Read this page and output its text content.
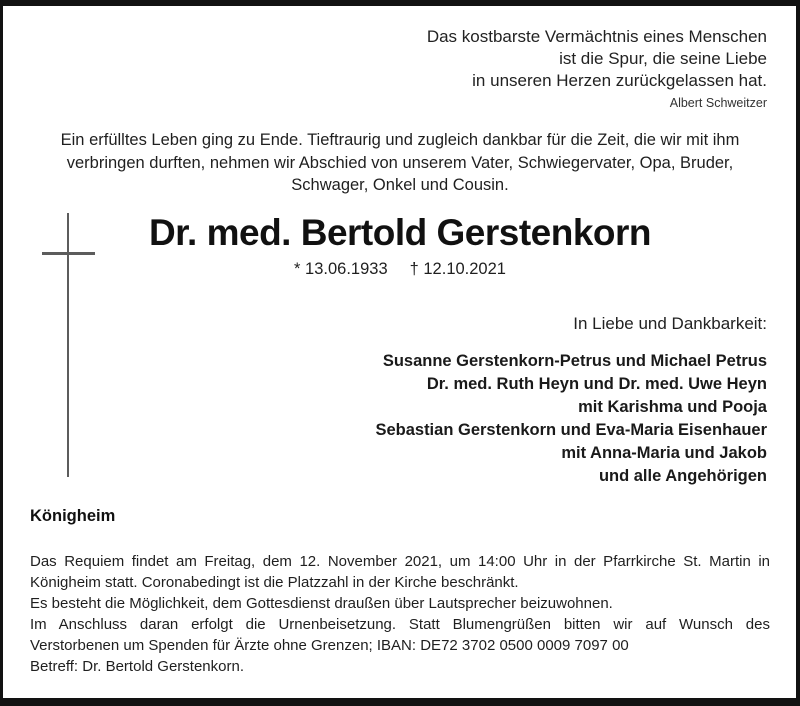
Das kostbarste Vermächtnis eines Menschen
ist die Spur, die seine Liebe
in unseren Herzen zurückgelassen hat.
Albert Schweitzer
Ein erfülltes Leben ging zu Ende. Tieftraurig und zugleich dankbar für die Zeit, die wir mit ihm
verbringen durften, nehmen wir Abschied von unserem Vater, Schwiegervater, Opa, Bruder,
Schwager, Onkel und Cousin.
Dr. med. Bertold Gerstenkorn
* 13.06.1933 † 12.10.2021
In Liebe und Dankbarkeit:
Susanne Gerstenkorn-Petrus und Michael Petrus
Dr. med. Ruth Heyn und Dr. med. Uwe Heyn
mit Karishma und Pooja
Sebastian Gerstenkorn und Eva-Maria Eisenhauer
mit Anna-Maria und Jakob
und alle Angehörigen
Königheim
Das Requiem findet am Freitag, dem 12. November 2021, um 14:00 Uhr in der Pfarrkirche St. Martin in
Königheim statt. Coronabedingt ist die Platzzahl in der Kirche beschränkt.
Es besteht die Möglichkeit, dem Gottesdienst draußen über Lautsprecher beizuwohnen.
Im Anschluss daran erfolgt die Urnenbeisetzung. Statt Blumengrüßen bitten wir auf Wunsch des
Verstorbenen um Spenden für Ärzte ohne Grenzen; IBAN: DE72 3702 0500 0009 7097 00
Betreff: Dr. Bertold Gerstenkorn.
